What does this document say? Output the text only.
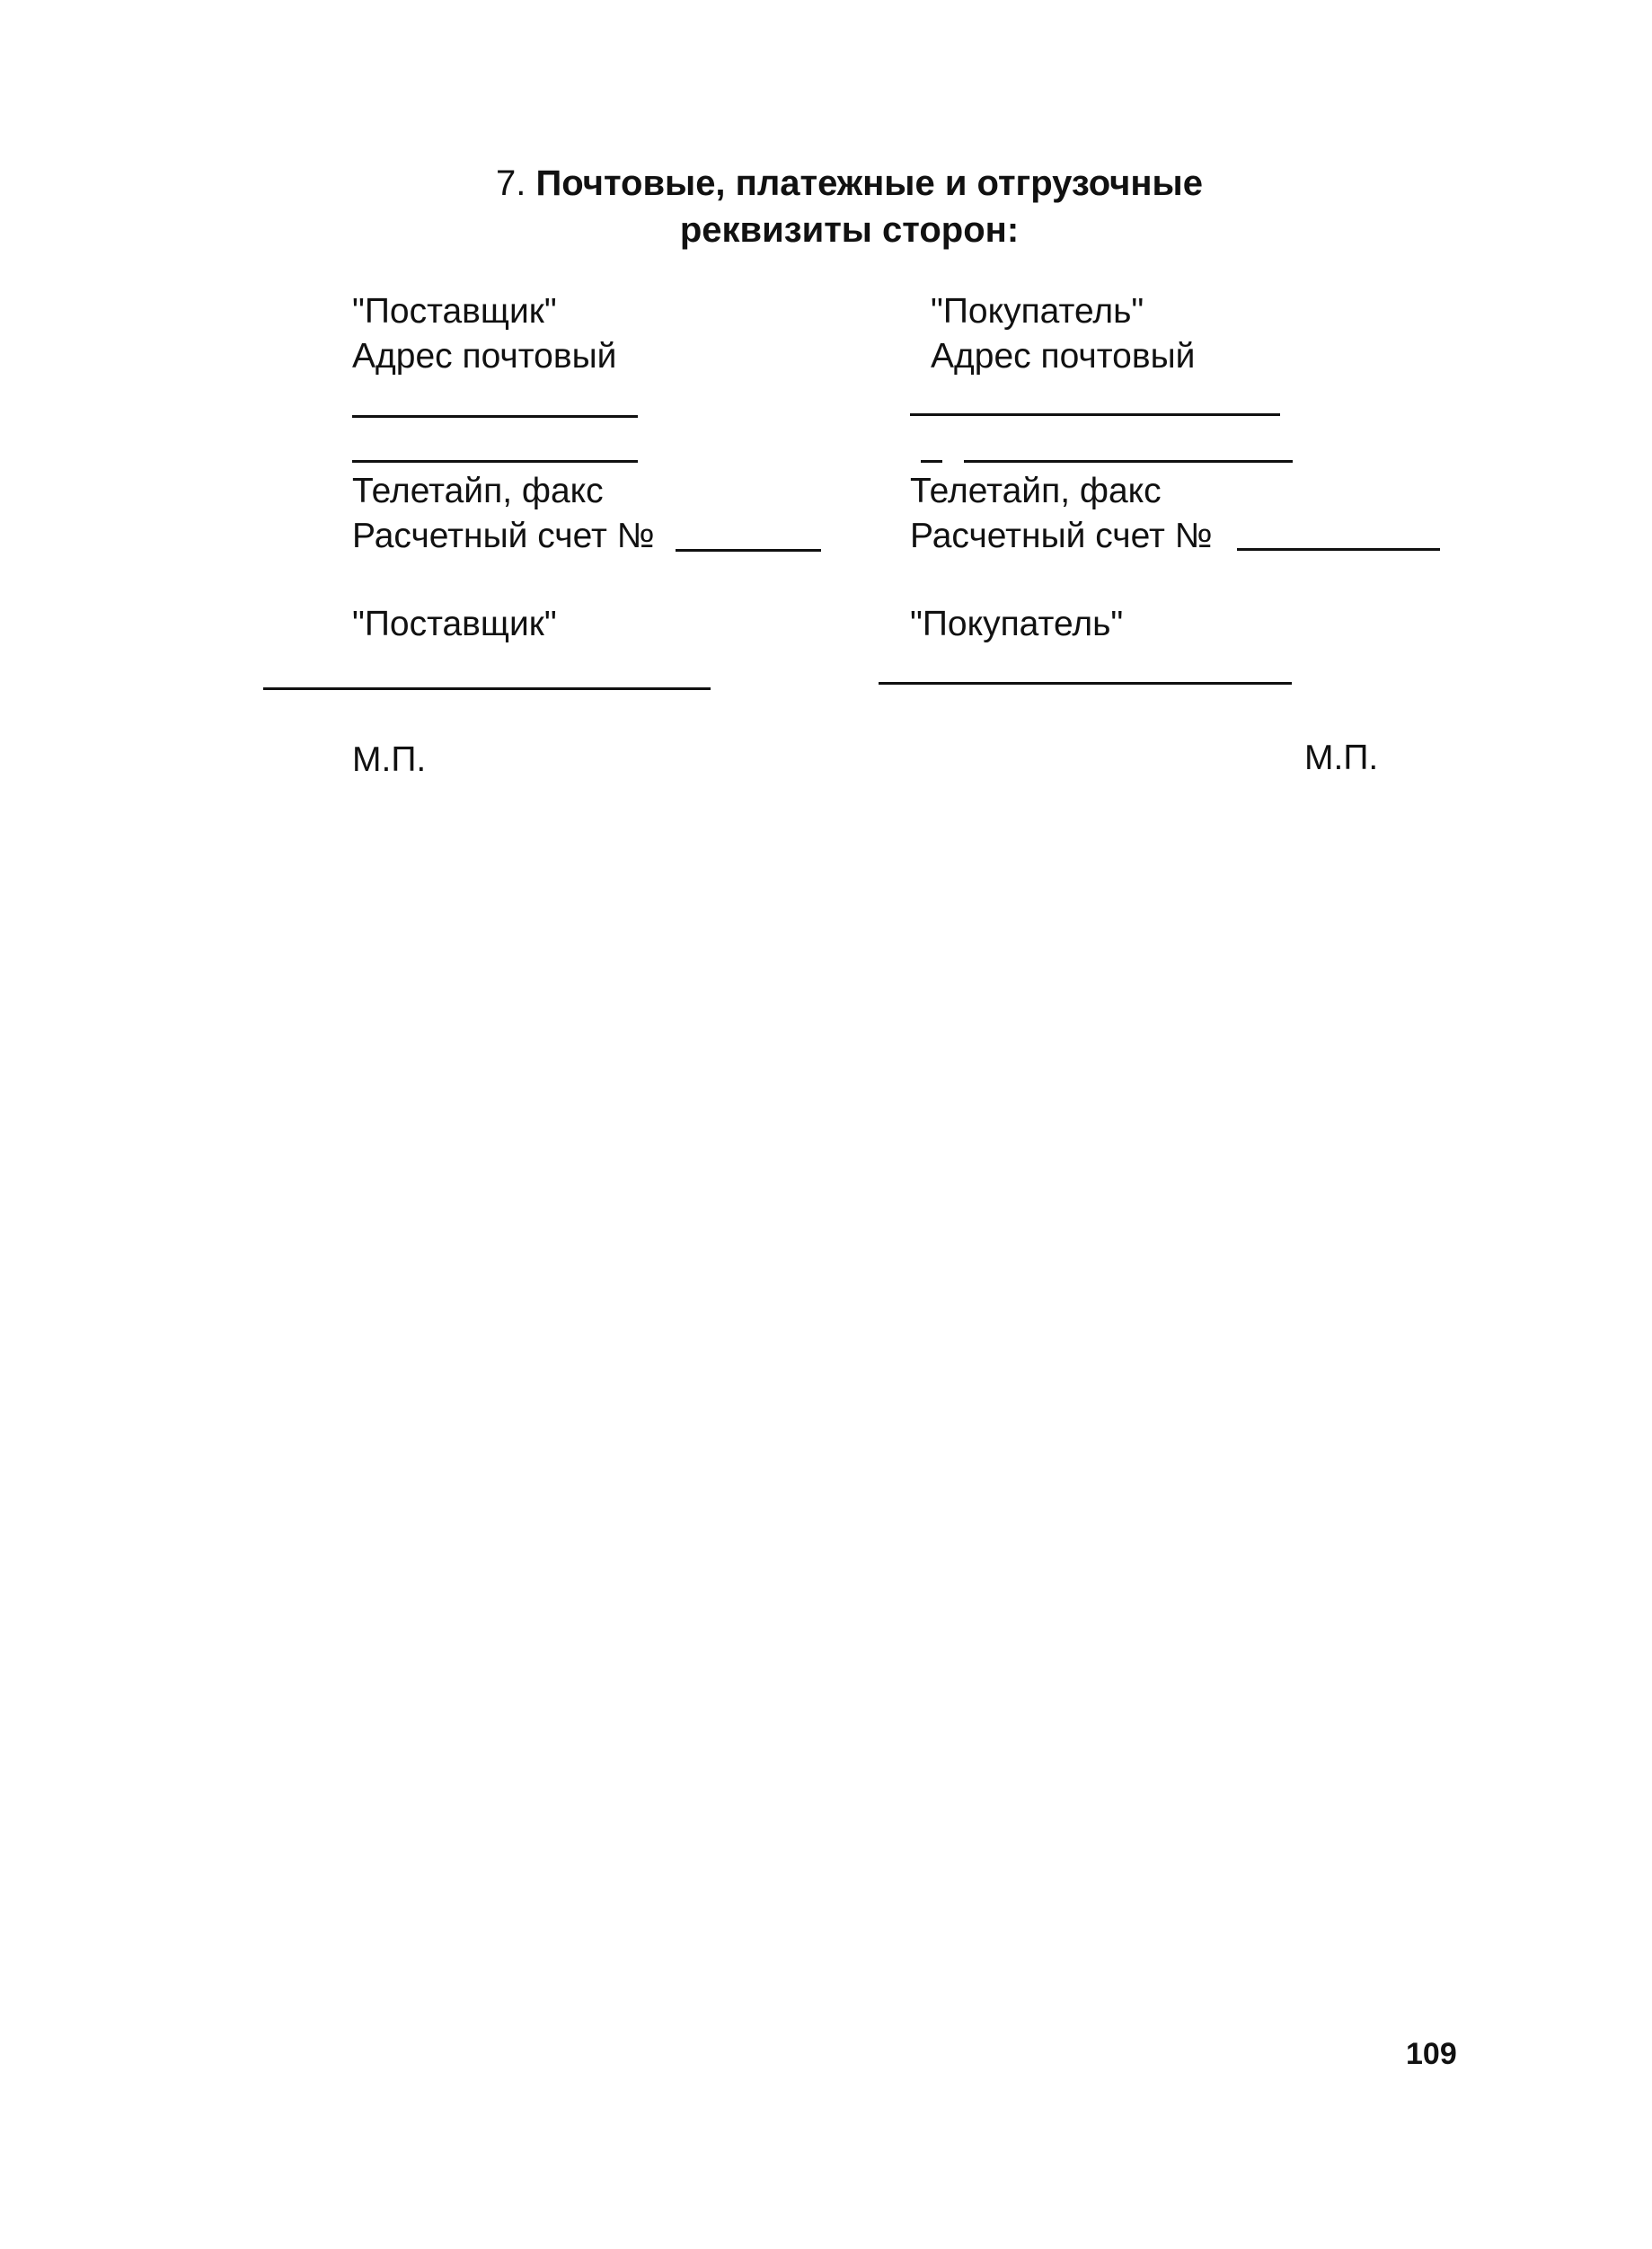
7. Почтовые, платежные и отгрузочные
реквизиты сторон:
"Поставщик"
Адрес почтовый
Телетайп, факс
Расчетный счет №
"Поставщик"
М.П.
"Покупатель"
Адрес почтовый
Телетайп, факс
Расчетный счет №
"Покупатель"
М.П.
109
